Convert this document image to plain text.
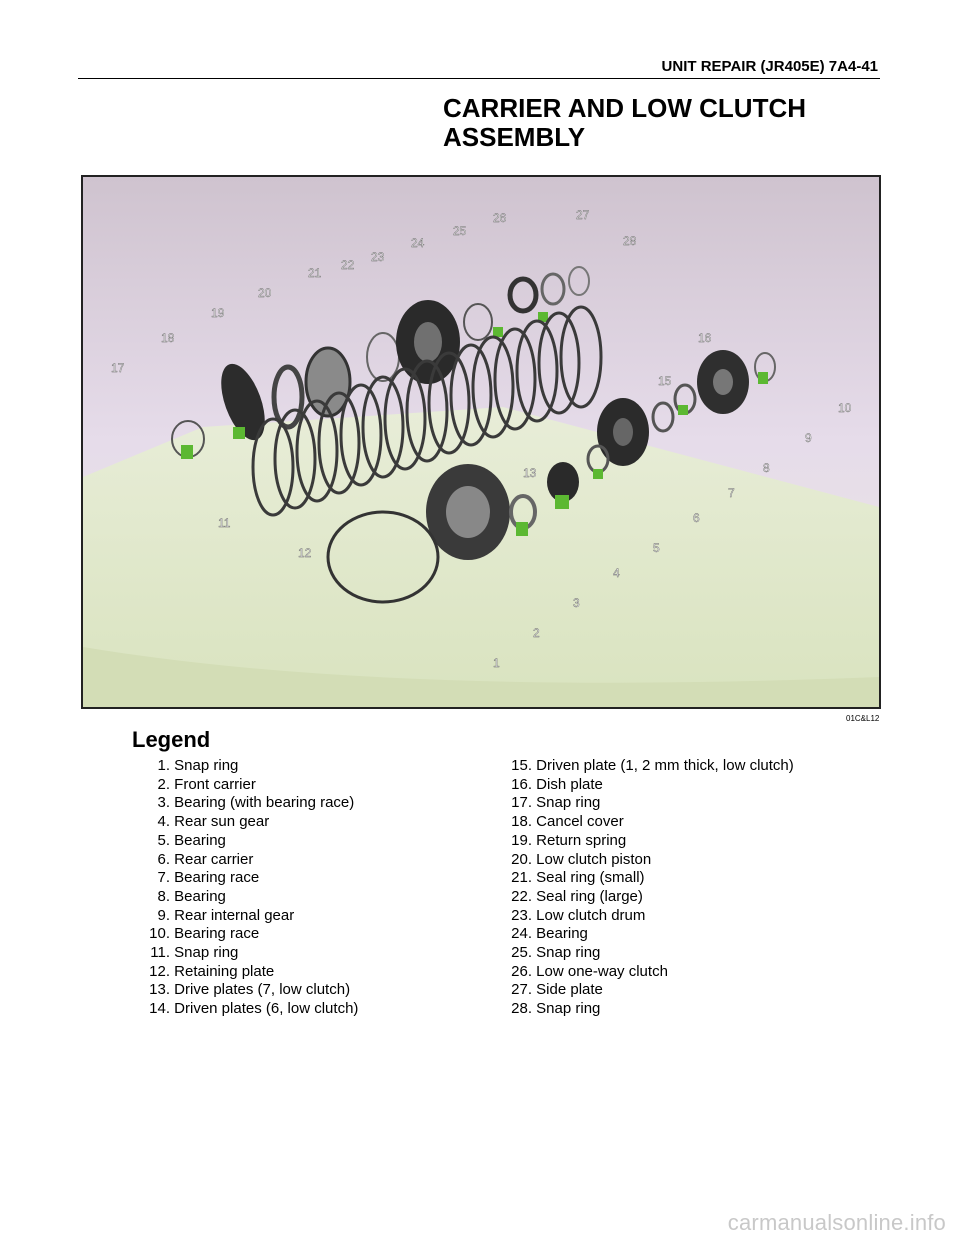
UNIT REPAIR (JR405E) 7A4-41
CARRIER AND LOW CLUTCH
ASSEMBLY
1
2
3
4
5
6
7
8
9
10
11
12
13
15
16
17
18
19
20
21
22
23
24
25
26	27
28
01C&L12
Legend
1. Snap ring
2. Front carrier
3. Bearing (with bearing race)
4. Rear sun gear
5. Bearing
6. Rear carrier
7. Bearing race
8. Bearing
9. Rear internal gear
10. Bearing race
11. Snap ring
12. Retaining plate
13. Drive plates (7, low clutch)
14. Driven plates (6, low clutch)
15. Driven plate (1, 2 mm thick, low clutch)
16. Dish plate
17. Snap ring
18. Cancel cover
19. Return spring
20. Low clutch piston
21. Seal ring (small)
22. Seal ring (large)
23. Low clutch drum
24. Bearing
25. Snap ring
26. Low one-way clutch
27. Side plate
28. Snap ring
carmanualsonline.info
